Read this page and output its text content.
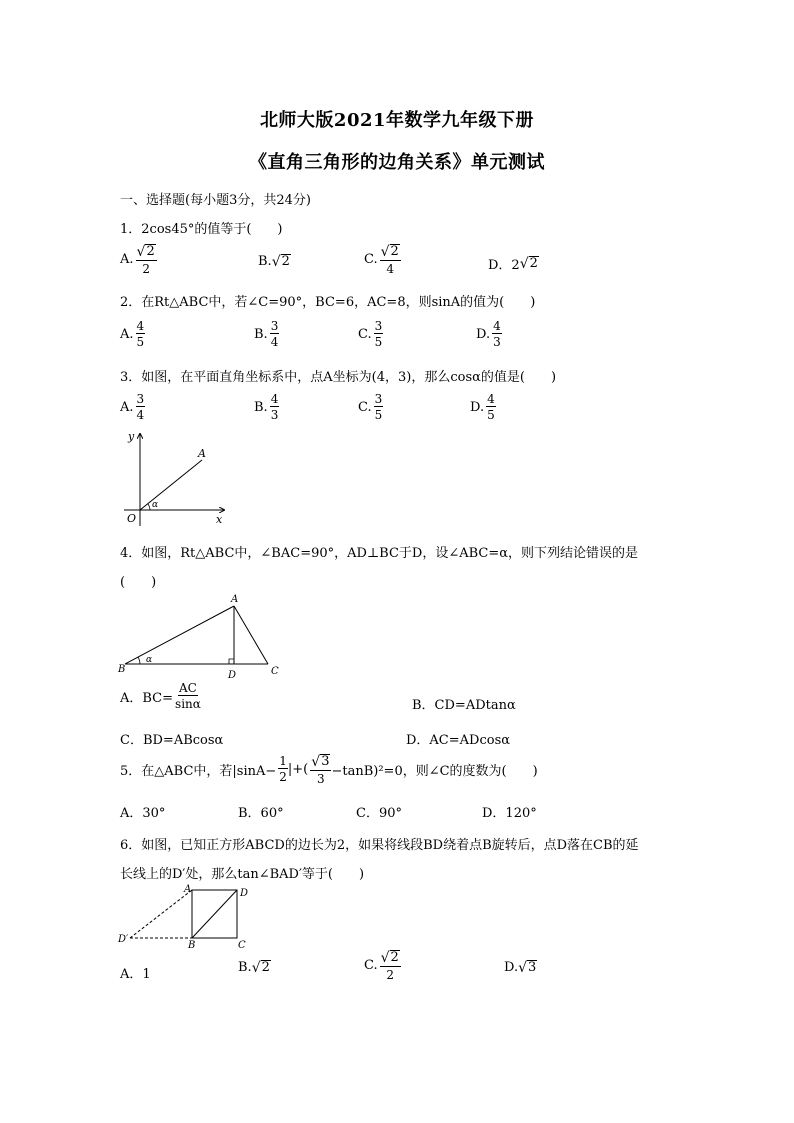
北师大版2021年数学九年级下册
《直角三角形的边角关系》单元测试
一、选择题(每小题3分，共24分)
1．2cos45°的值等于(　　)
A. $\frac{√ 2}{2}$	B. √ 2	C. $\frac{√ 2}{4}$	D．2 √ 2
2．在Rt△ABC中，若∠C=90°，BC=6，AC=8，则sinA的值为(　　)
A. $\frac{4}{5}$	B. $\frac{3}{4}$	C. $\frac{3}{5}$	D. $\frac{4}{3}$
3．如图，在平面直角坐标系中，点A坐标为(4，3)，那么cosα的值是(　　)
A. $\frac{3}{4}$	B. $\frac{4}{3}$	C. $\frac{3}{5}$	D. $\frac{4}{5}$
y
x
O
A
α
4．如图，Rt△ABC中，∠BAC=90°，AD⊥BC于D，设∠ABC=α，则下列结论错误的是
(　　)
A
B	C
D
α
A．$BC= \frac{AC}{\sin\alpha}$	B．CD=ADtanα
C．BD=ABcosα	D．AC=ADcosα
5．在△ABC中，若$|\sin A- \frac{1}{2}$ |+( $\frac{√ 3}{3} -\tan B)^2=0$，则∠C的度数为(　　)
A．30°	B．60°	C．90°	D．120°
6．如图，已知正方形ABCD的边长为2，如果将线段BD绕着点B旋转后，点D落在CB的延
长线上的D′处，那么tan∠BAD′等于(　　)
A	D
B	C
D′
A．1	B. √ 2	C. $\frac{√ 2}{2}$	D. √ 3
